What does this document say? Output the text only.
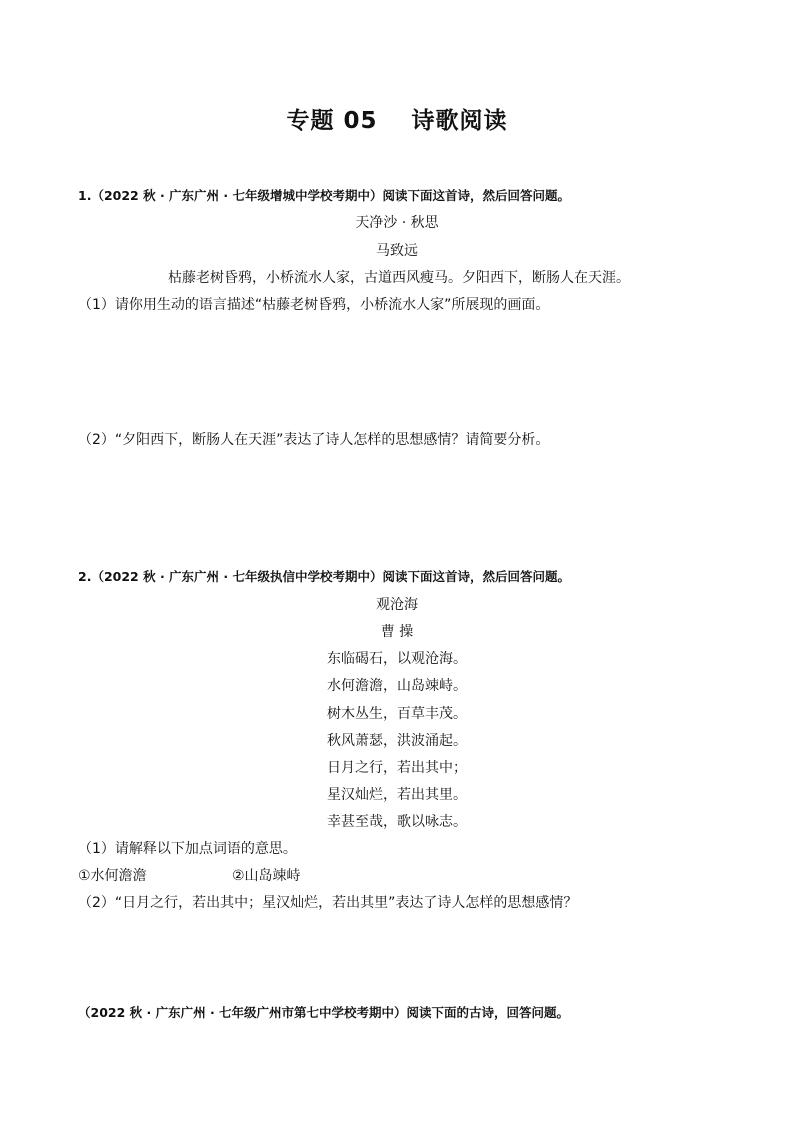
专题 05 诗歌阅读
1.（2022 秋 · 广东广州 · 七年级增城中学校考期中）阅读下面这首诗，然后回答问题。
天净沙 · 秋思
马致远
枯藤老树昏鸦，小桥流水人家，古道西风瘦马。夕阳西下，断肠人在天涯。
（1）请你用生动的语言描述“枯藤老树昏鸦，小桥流水人家”所展现的画面。
（2）“夕阳西下，断肠人在天涯”表达了诗人怎样的思想感情？请简要分析。
2.（2022 秋 · 广东广州 · 七年级执信中学校考期中）阅读下面这首诗，然后回答问题。
观沧海
曹 操
东临碣石，以观沧海。
水何澹澹，山岛竦峙。
树木丛生，百草丰茂。
秋风萧瑟，洪波涌起。
日月之行，若出其中；
星汉灿烂，若出其里。
幸甚至哉，歌以咏志。
（1）请解释以下加点词语的意思。
①水何澹澹	②山岛竦峙
（2）“日月之行，若出其中；星汉灿烂，若出其里”表达了诗人怎样的思想感情？
（2022 秋 · 广东广州 · 七年级广州市第七中学校考期中）阅读下面的古诗，回答问题。
